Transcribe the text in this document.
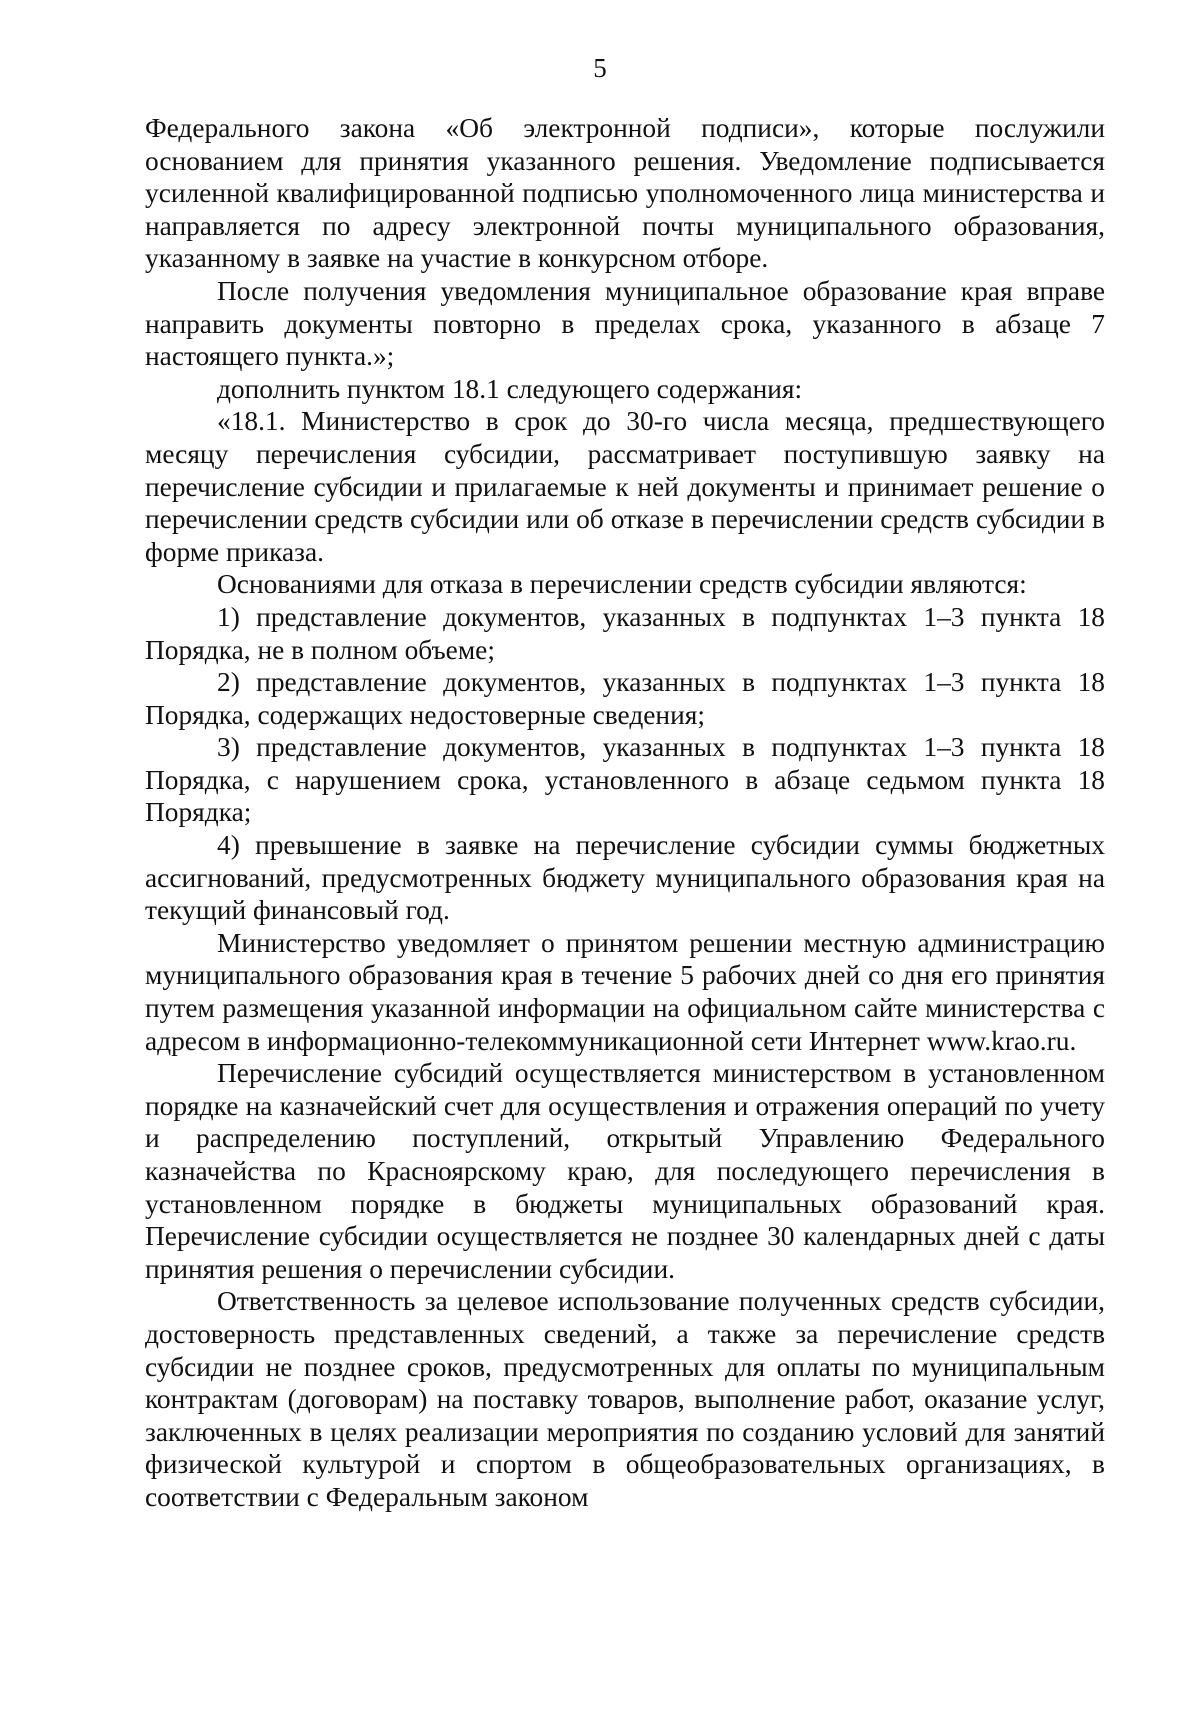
5

Федерального закона «Об электронной подписи», которые послужили основанием для принятия указанного решения. Уведомление подписывается усиленной квалифицированной подписью уполномоченного лица министерства и направляется по адресу электронной почты муниципального образования, указанному в заявке на участие в конкурсном отборе.

После получения уведомления муниципальное образование края вправе направить документы повторно в пределах срока, указанного в абзаце 7 настоящего пункта.»;

дополнить пунктом 18.1 следующего содержания:

«18.1. Министерство в срок до 30-го числа месяца, предшествующего месяцу перечисления субсидии, рассматривает поступившую заявку на перечисление субсидии и прилагаемые к ней документы и принимает решение о перечислении средств субсидии или об отказе в перечислении средств субсидии в форме приказа.

Основаниями для отказа в перечислении средств субсидии являются:

1) представление документов, указанных в подпунктах 1–3 пункта 18 Порядка, не в полном объеме;

2) представление документов, указанных в подпунктах 1–3 пункта 18 Порядка, содержащих недостоверные сведения;

3) представление документов, указанных в подпунктах 1–3 пункта 18 Порядка, с нарушением срока, установленного в абзаце седьмом пункта 18 Порядка;

4) превышение в заявке на перечисление субсидии суммы бюджетных ассигнований, предусмотренных бюджету муниципального образования края на текущий финансовый год.

Министерство уведомляет о принятом решении местную администрацию муниципального образования края в течение 5 рабочих дней со дня его принятия путем размещения указанной информации на официальном сайте министерства с адресом в информационно-телекоммуникационной сети Интернет www.krao.ru.

Перечисление субсидий осуществляется министерством в установленном порядке на казначейский счет для осуществления и отражения операций по учету и распределению поступлений, открытый Управлению Федерального казначейства по Красноярскому краю, для последующего перечисления в установленном порядке в бюджеты муниципальных образований края. Перечисление субсидии осуществляется не позднее 30 календарных дней с даты принятия решения о перечислении субсидии.

Ответственность за целевое использование полученных средств субсидии, достоверность представленных сведений, а также за перечисление средств субсидии не позднее сроков, предусмотренных для оплаты по муниципальным контрактам (договорам) на поставку товаров, выполнение работ, оказание услуг, заключенных в целях реализации мероприятия по созданию условий для занятий физической культурой и спортом в общеобразовательных организациях, в соответствии с Федеральным законом
